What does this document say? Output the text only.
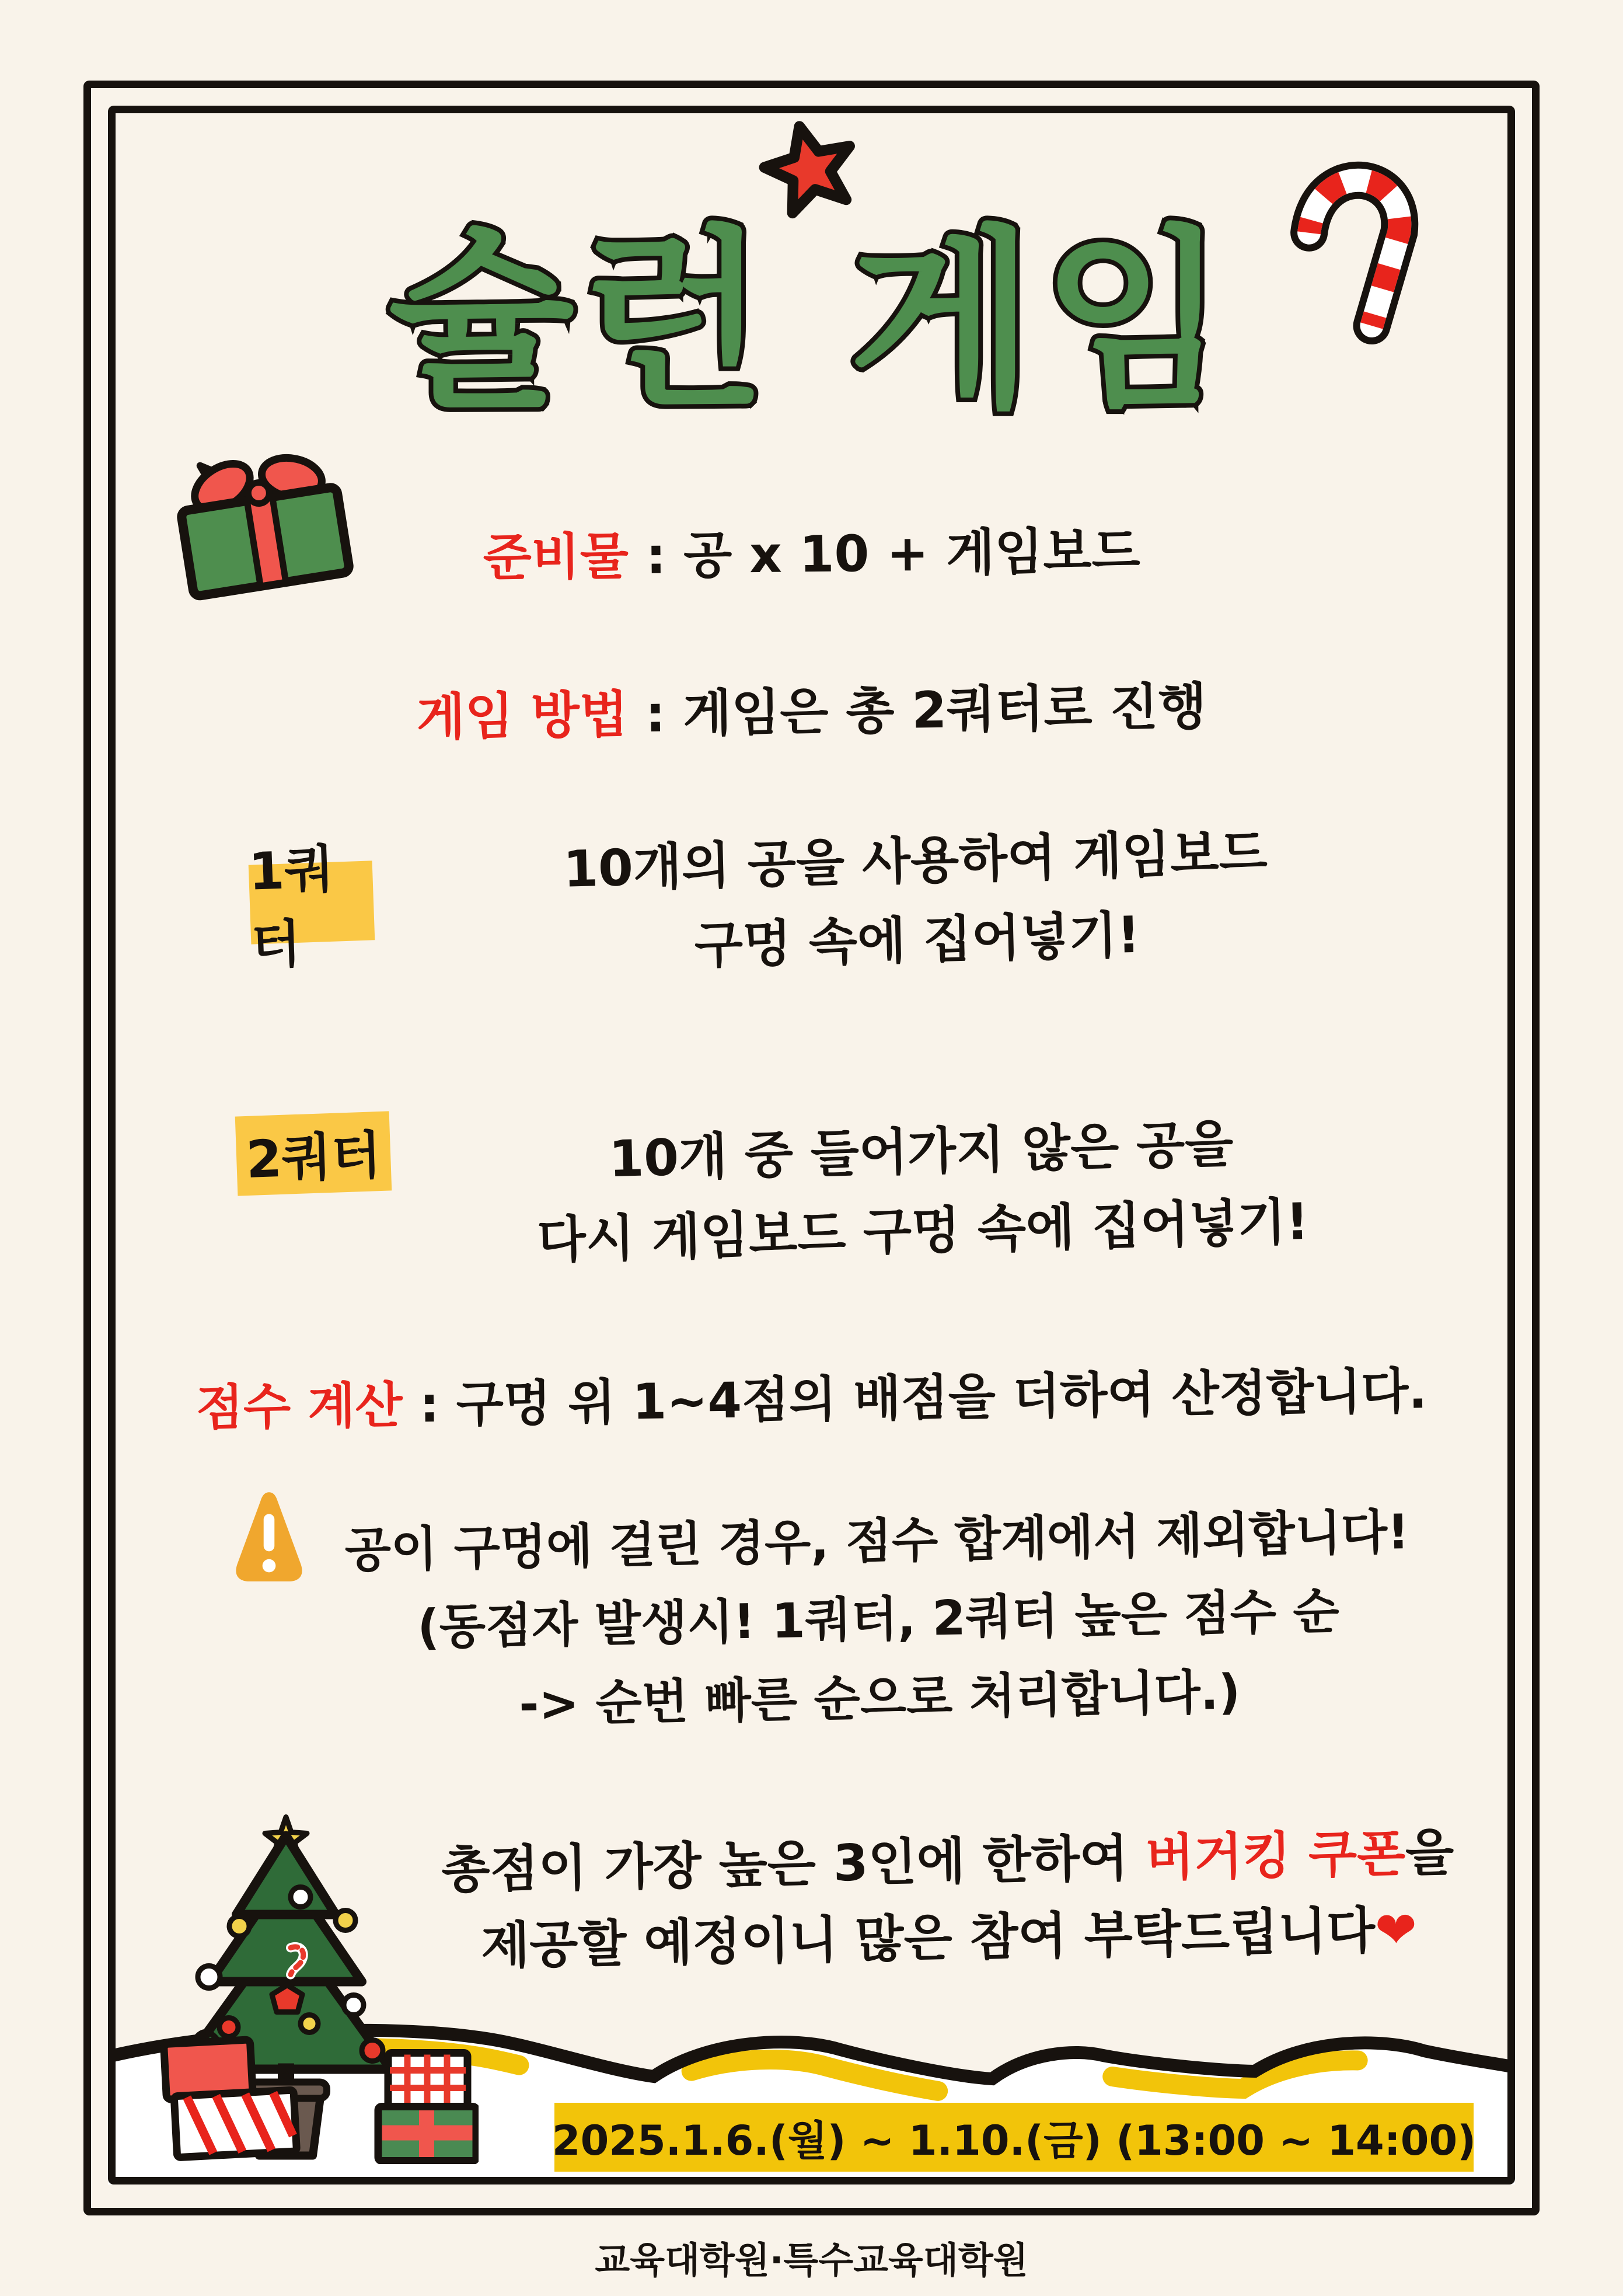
슐런 게임
준비물 : 공 x 10 + 게임보드
게임 방법 : 게임은 총 2쿼터로 진행
1쿼터
10개의 공을 사용하여 게임보드
구멍 속에 집어넣기!
2쿼터	10개 중 들어가지 않은 공을
다시 게임보드 구멍 속에 집어넣기!
점수 계산 : 구멍 위 1~4점의 배점을 더하여 산정합니다.
공이 구멍에 걸린 경우, 점수 합계에서 제외합니다!
(동점자 발생시! 1쿼터, 2쿼터 높은 점수 순
-> 순번 빠른 순으로 처리합니다.)
총점이 가장 높은 3인에 한하여 버거킹 쿠폰을
제공할 예정이니 많은 참여 부탁드립니다❤
2025.1.6.(월) ~ 1.10.(금) (13:00 ~ 14:00)
교육대학원·특수교육대학원
